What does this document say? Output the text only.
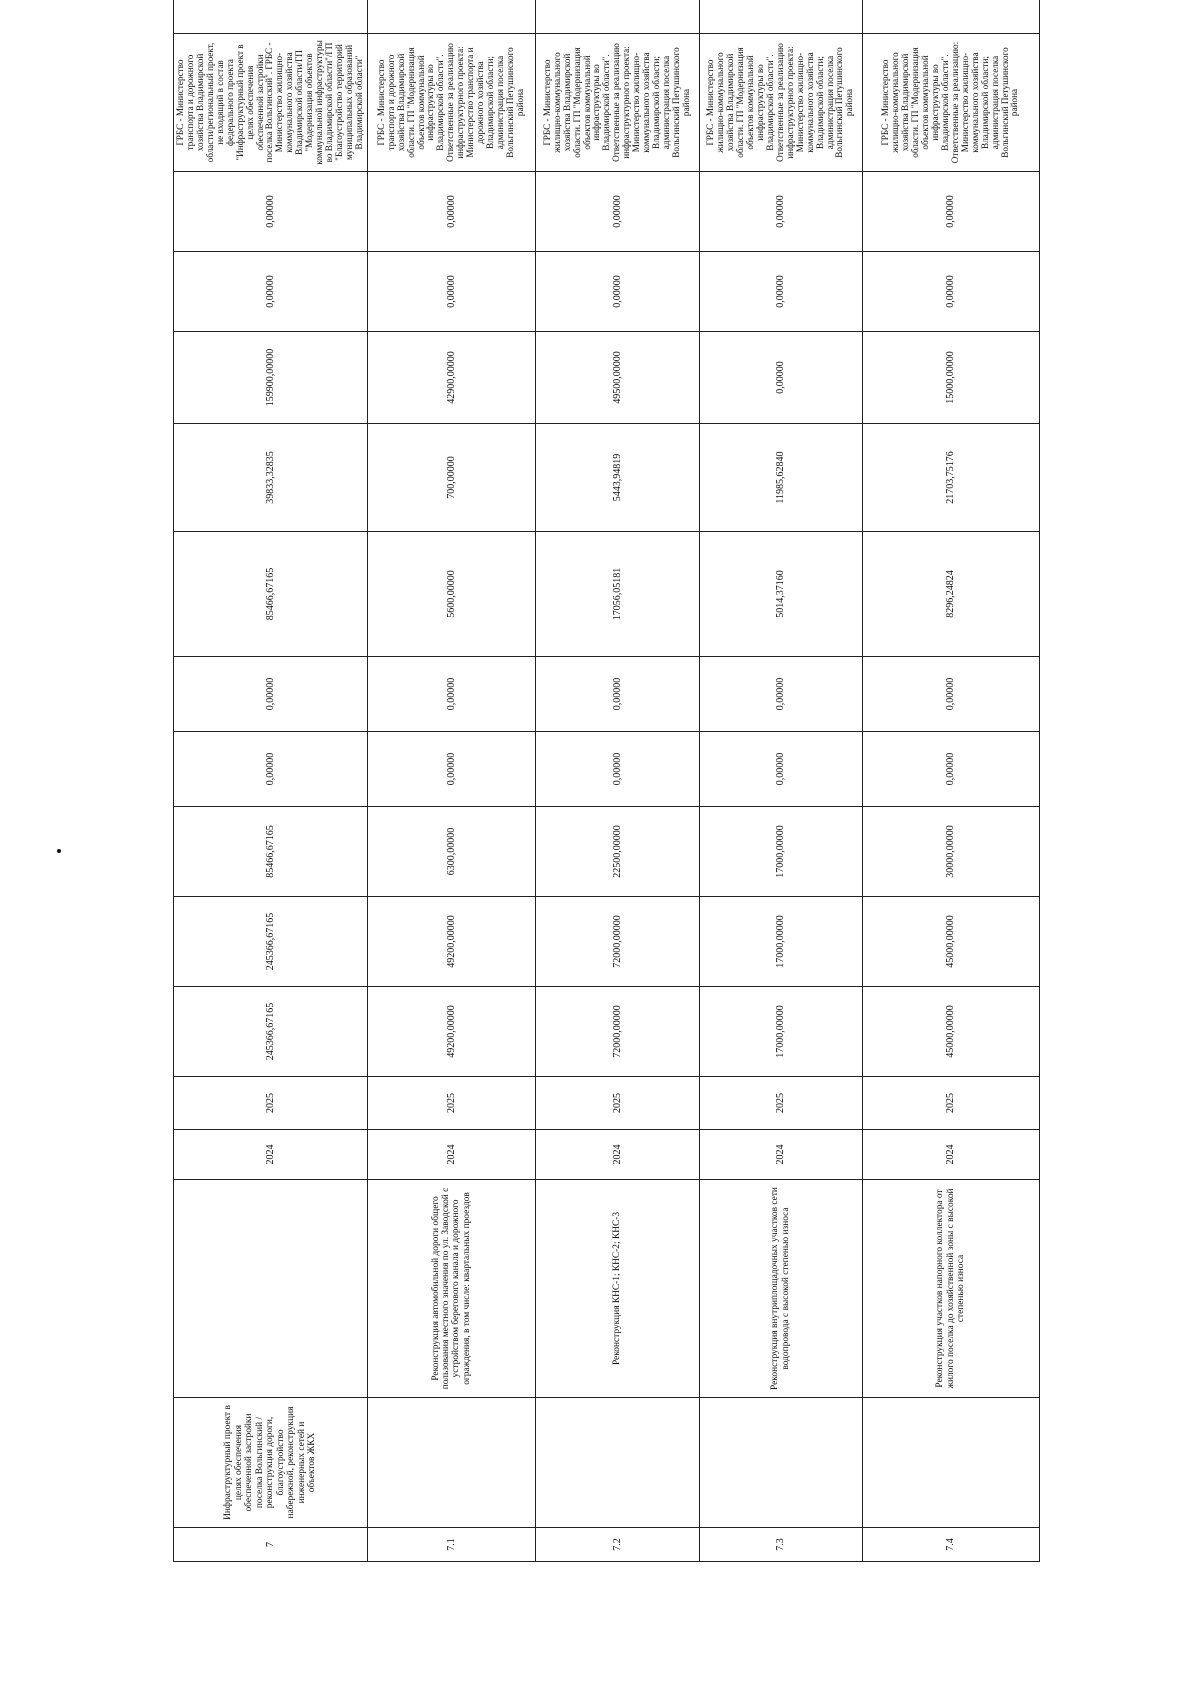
7	Инфраструктурный проект в целях обеспечения обеспеченной застройки поселка Вольгинский / реконструкция дороги, благоустройство набережной, реконструкция инженерных сетей и объектов ЖКХ		2024	2025	245366,67165	245366,67165	85466,67165	0,00000	0,00000	85466,67165	39833,32835	159900,00000	0,00000	0,00000	ГРБС - Министерство транспорта и дорожного хозяйства Владимирской области/региональный проект, не входящий в состав федерального проекта "Инфраструктурный проект в целях обеспечения обеспеченной застройки поселка Вольгинский". ГРБС - Министерство жилищно-коммунального хозяйства Владимирской области/ГП "Модернизация объектов коммунальной инфраструктуры во Владимирской области"/ГП "Благоустройство территорий муниципальных образований Владимирской области"	
7.1		Реконструкция автомобильной дороги общего пользования местного значения по ул. Заводской с устройством берегового канала и дорожного ограждения, в том числе: квартальных проездов	2024	2025	49200,00000	49200,00000	6300,00000	0,00000	0,00000	5600,00000	700,00000	42900,00000	0,00000	0,00000	ГРБС - Министерство транспорта и дорожного хозяйства Владимирской области. ГП "Модернизация объектов коммунальной инфраструктуры во Владимирской области". Ответственные за реализацию инфраструктурного проекта: Министерство транспорта и дорожного хозяйства Владимирской области; администрация поселка Вольгинский Петушинского района	
7.2		Реконструкция КНС-1; КНС-2; КНС-3	2024	2025	72000,00000	72000,00000	22500,00000	0,00000	0,00000	17056,05181	5443,94819	49500,00000	0,00000	0,00000	ГРБС - Министерство жилищно-коммунального хозяйства Владимирской области. ГП "Модернизация объектов коммунальной инфраструктуры во Владимирской области". Ответственные за реализацию инфраструктурного проекта: Министерство жилищно-коммунального хозяйства Владимирской области; администрация поселка Вольгинский Петушинского района	
7.3		Реконструкция внутриплощадочных участков сети водопровода с высокой степенью износа	2024	2025	17000,00000	17000,00000	17000,00000	0,00000	0,00000	5014,37160	11985,62840	0,00000	0,00000	0,00000	ГРБС - Министерство жилищно-коммунального хозяйства Владимирской области. ГП "Модернизация объектов коммунальной инфраструктуры во Владимирской области". Ответственные за реализацию инфраструктурного проекта: Министерство жилищно-коммунального хозяйства Владимирской области; администрация поселка Вольгинский Петушинского района	
7.4		Реконструкция участков напорного коллектора от жилого поселка до хозяйственной зоны с высокой степенью износа	2024	2025	45000,00000	45000,00000	30000,00000	0,00000	0,00000	8296,24824	21703,75176	15000,00000	0,00000	0,00000	ГРБС - Министерство жилищно-коммунального хозяйства Владимирской области. ГП "Модернизация объектов коммунальной инфраструктуры во Владимирской области". Ответственные за реализацию: Министерство жилищно-коммунального хозяйства Владимирской области; администрация поселка Вольгинский Петушинского района	
